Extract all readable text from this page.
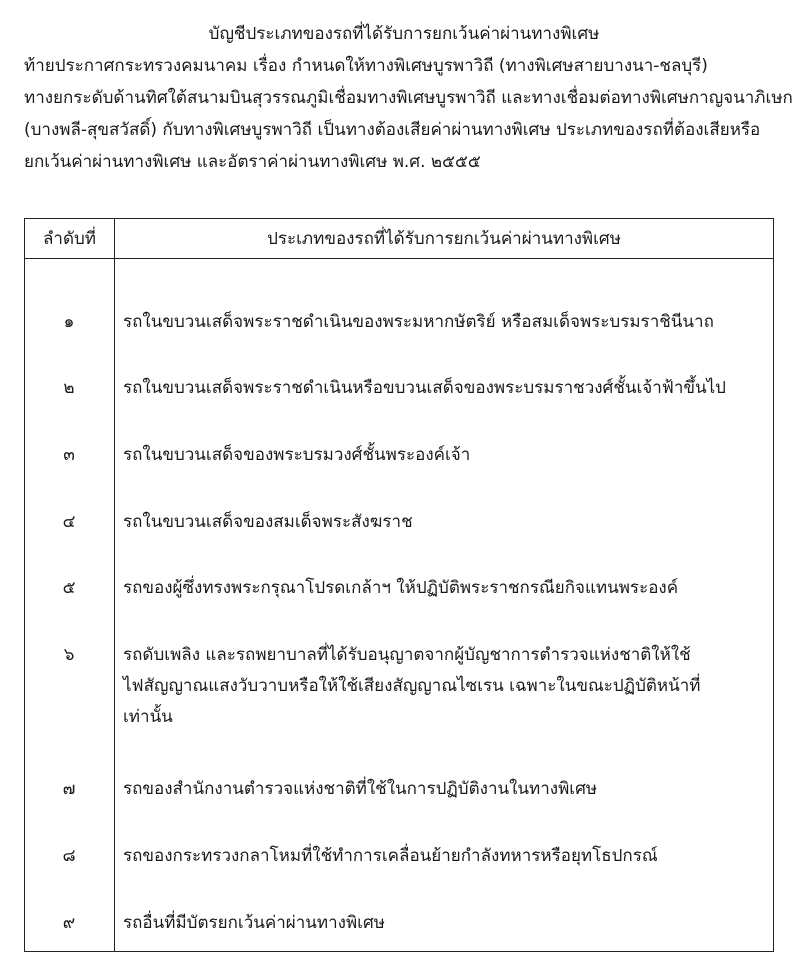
บัญชีประเภทของรถที่ได้รับการยกเว้นค่าผ่านทางพิเศษ
ท้ายประกาศกระทรวงคมนาคม เรื่อง กำหนดให้ทางพิเศษบูรพาวิถี (ทางพิเศษสายบางนา-ชลบุรี)
ทางยกระดับด้านทิศใต้สนามบินสุวรรณภูมิเชื่อมทางพิเศษบูรพาวิถี และทางเชื่อมต่อทางพิเศษกาญจนาภิเษก
(บางพลี-สุขสวัสดิ์) กับทางพิเศษบูรพาวิถี เป็นทางต้องเสียค่าผ่านทางพิเศษ ประเภทของรถที่ต้องเสียหรือ
ยกเว้นค่าผ่านทางพิเศษ และอัตราค่าผ่านทางพิเศษ พ.ศ. ๒๕๕๕
ลำดับที่	ประเภทของรถที่ได้รับการยกเว้นค่าผ่านทางพิเศษ
๑	รถในขบวนเสด็จพระราชดำเนินของพระมหากษัตริย์ หรือสมเด็จพระบรมราชินีนาถ
๒	รถในขบวนเสด็จพระราชดำเนินหรือขบวนเสด็จของพระบรมราชวงศ์ชั้นเจ้าฟ้าขึ้นไป
๓	รถในขบวนเสด็จของพระบรมวงศ์ชั้นพระองค์เจ้า
๔	รถในขบวนเสด็จของสมเด็จพระสังฆราช
๕	รถของผู้ซึ่งทรงพระกรุณาโปรดเกล้าฯ ให้ปฏิบัติพระราชกรณียกิจแทนพระองค์
๖	รถดับเพลิง และรถพยาบาลที่ได้รับอนุญาตจากผู้บัญชาการตำรวจแห่งชาติให้ใช้
ไฟสัญญาณแสงวับวาบหรือให้ใช้เสียงสัญญาณไซเรน เฉพาะในขณะปฏิบัติหน้าที่
เท่านั้น
๗	รถของสำนักงานตำรวจแห่งชาติที่ใช้ในการปฏิบัติงานในทางพิเศษ
๘	รถของกระทรวงกลาโหมที่ใช้ทำการเคลื่อนย้ายกำลังทหารหรือยุทโธปกรณ์
๙	รถอื่นที่มีบัตรยกเว้นค่าผ่านทางพิเศษ
